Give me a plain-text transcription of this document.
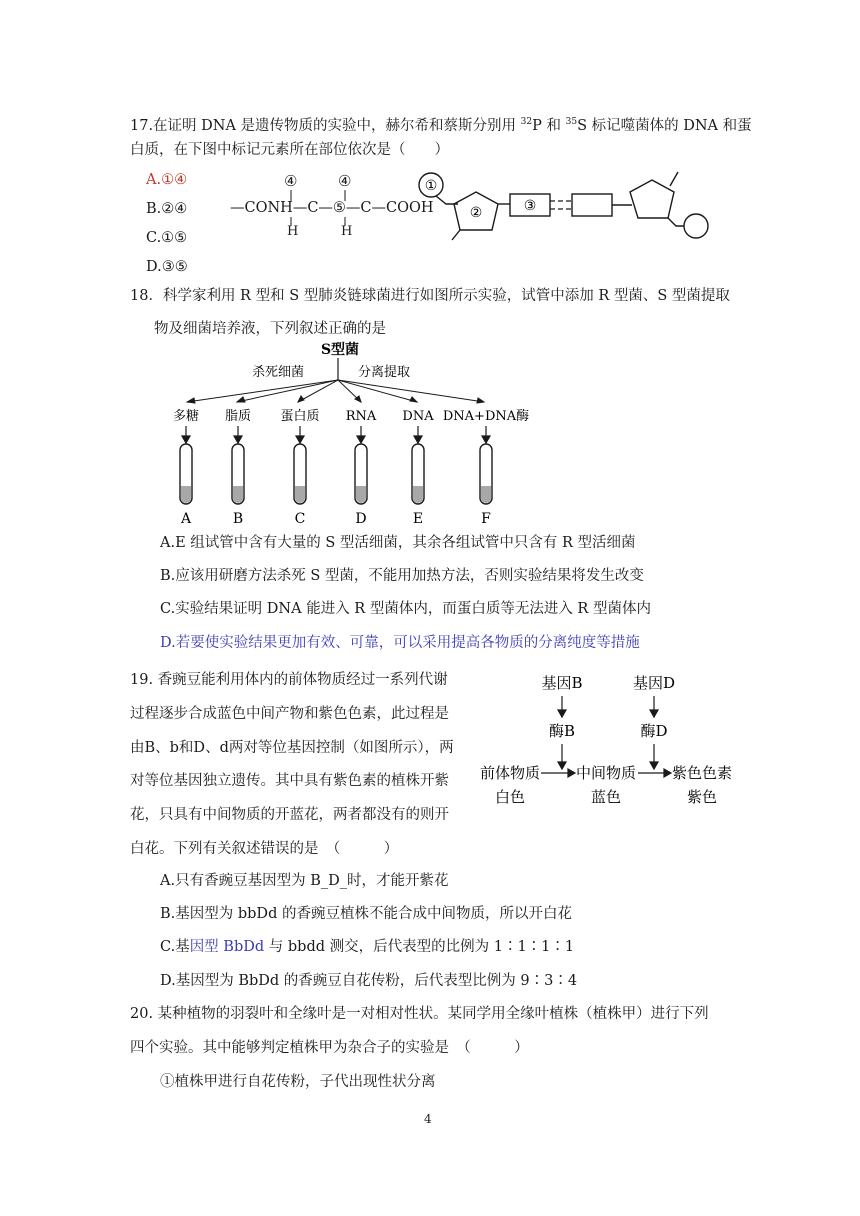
17.在证明 DNA 是遗传物质的实验中，赫尔希和蔡斯分别用 $^{32}$P 和 $^{35}$S 标记噬菌体的 DNA 和蛋
白质，在下图中标记元素所在部位依次是（　　）
A.①④
B.②④
C.①⑤
D.③⑤
④	④
—CONH—C—⑤—C—COOH
H	H
①
②	③
18．科学家利用 R 型和 S 型肺炎链球菌进行如图所示实验，试管中添加 R 型菌、S 型菌提取
物及细菌培养液，下列叙述正确的是
S型菌
杀死细菌	分离提取
多糖 脂质 蛋白质 RNA DNA DNA+DNA酶
A	B	C	D	E	F
A.E 组试管中含有大量的 S 型活细菌，其余各组试管中只含有 R 型活细菌
B.应该用研磨方法杀死 S 型菌，不能用加热方法，否则实验结果将发生改变
C.实验结果证明 DNA 能进入 R 型菌体内，而蛋白质等无法进入 R 型菌体内
D.若要使实验结果更加有效、可靠，可以采用提高各物质的分离纯度等措施
19. 香豌豆能利用体内的前体物质经过一系列代谢
过程逐步合成蓝色中间产物和紫色色素，此过程是
由B、b和D、d两对等位基因控制（如图所示），两
对等位基因独立遗传。其中具有紫色素的植株开紫
花，只具有中间物质的开蓝花，两者都没有的则开
白花。下列有关叙述错误的是　（　　　）
基因B	基因D
酶B	酶D
前体物质 中间物质 紫色色素
白色	蓝色	紫色
A.只有香豌豆基因型为 B_D_时，才能开紫花
B.基因型为 bbDd 的香豌豆植株不能合成中间物质，所以开白花
C.基因型 BbDd 与 bbdd 测交，后代表型的比例为 1∶1∶1∶1
D.基因型为 BbDd 的香豌豆自花传粉，后代表型比例为 9∶3∶4
20. 某种植物的羽裂叶和全缘叶是一对相对性状。某同学用全缘叶植株（植株甲）进行下列
四个实验。其中能够判定植株甲为杂合子的实验是　（　　　）
①植株甲进行自花传粉，子代出现性状分离
4
